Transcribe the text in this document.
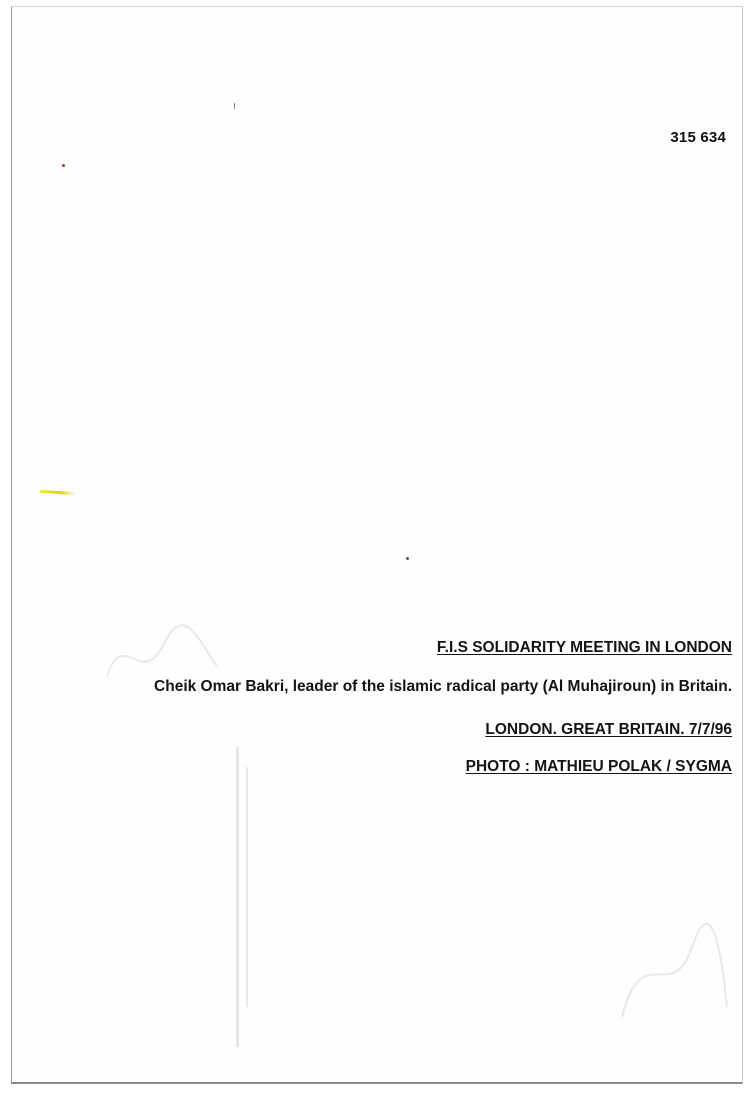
315 634

F.I.S SOLIDARITY MEETING IN LONDON

Cheik Omar Bakri, leader of the islamic radical party (Al Muhajiroun) in Britain.

LONDON. GREAT BRITAIN. 7/7/96

PHOTO : MATHIEU POLAK / SYGMA
